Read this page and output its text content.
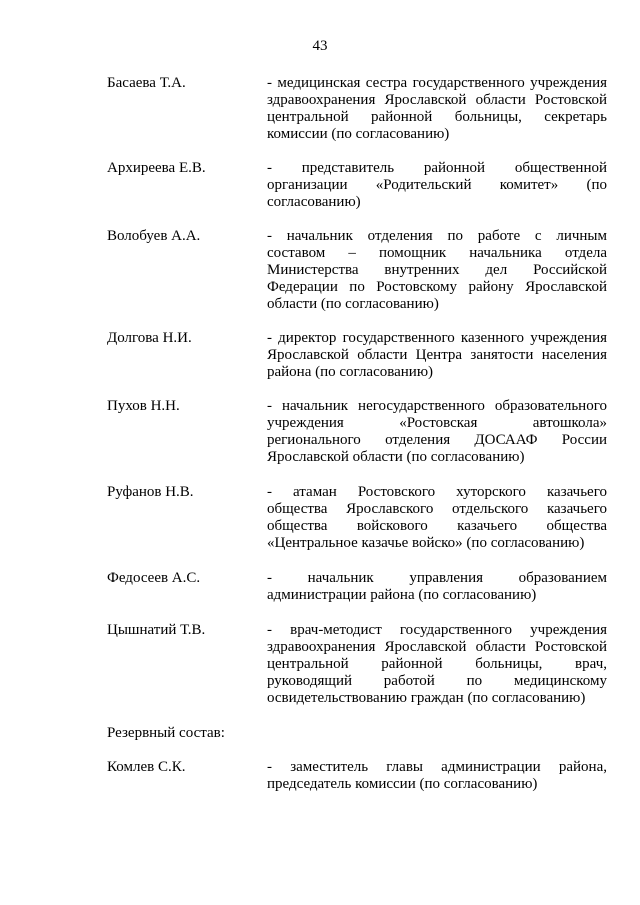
43
Басаева Т.А.	- медицинская сестра государственного учреждения
здравоохранения Ярославской области Ростовской
центральной районной больницы, секретарь
комиссии (по согласованию)
Архиреева Е.В.	- представитель районной общественной
организации «Родительский комитет» (по
согласованию)
Волобуев А.А.	- начальник отделения по работе с личным
составом – помощник начальника отдела
Министерства внутренних дел Российской
Федерации по Ростовскому району Ярославской
области (по согласованию)
Долгова Н.И.	- директор государственного казенного учреждения
Ярославской области Центра занятости населения
района (по согласованию)
Пухов Н.Н.	- начальник негосударственного образовательного
учреждения «Ростовская автошкола»
регионального отделения ДОСААФ России
Ярославской области (по согласованию)
Руфанов Н.В.	- атаман Ростовского хуторского казачьего
общества Ярославского отдельского казачьего
общества войскового казачьего общества
«Центральное казачье войско» (по согласованию)
Федосеев А.С.	- начальник управления образованием
администрации района (по согласованию)
Цышнатий Т.В.	- врач-методист государственного учреждения
здравоохранения Ярославской области Ростовской
центральной районной больницы, врач,
руководящий работой по медицинскому
освидетельствованию граждан (по согласованию)
Резервный состав:
Комлев С.К.	- заместитель главы администрации района,
председатель комиссии (по согласованию)
